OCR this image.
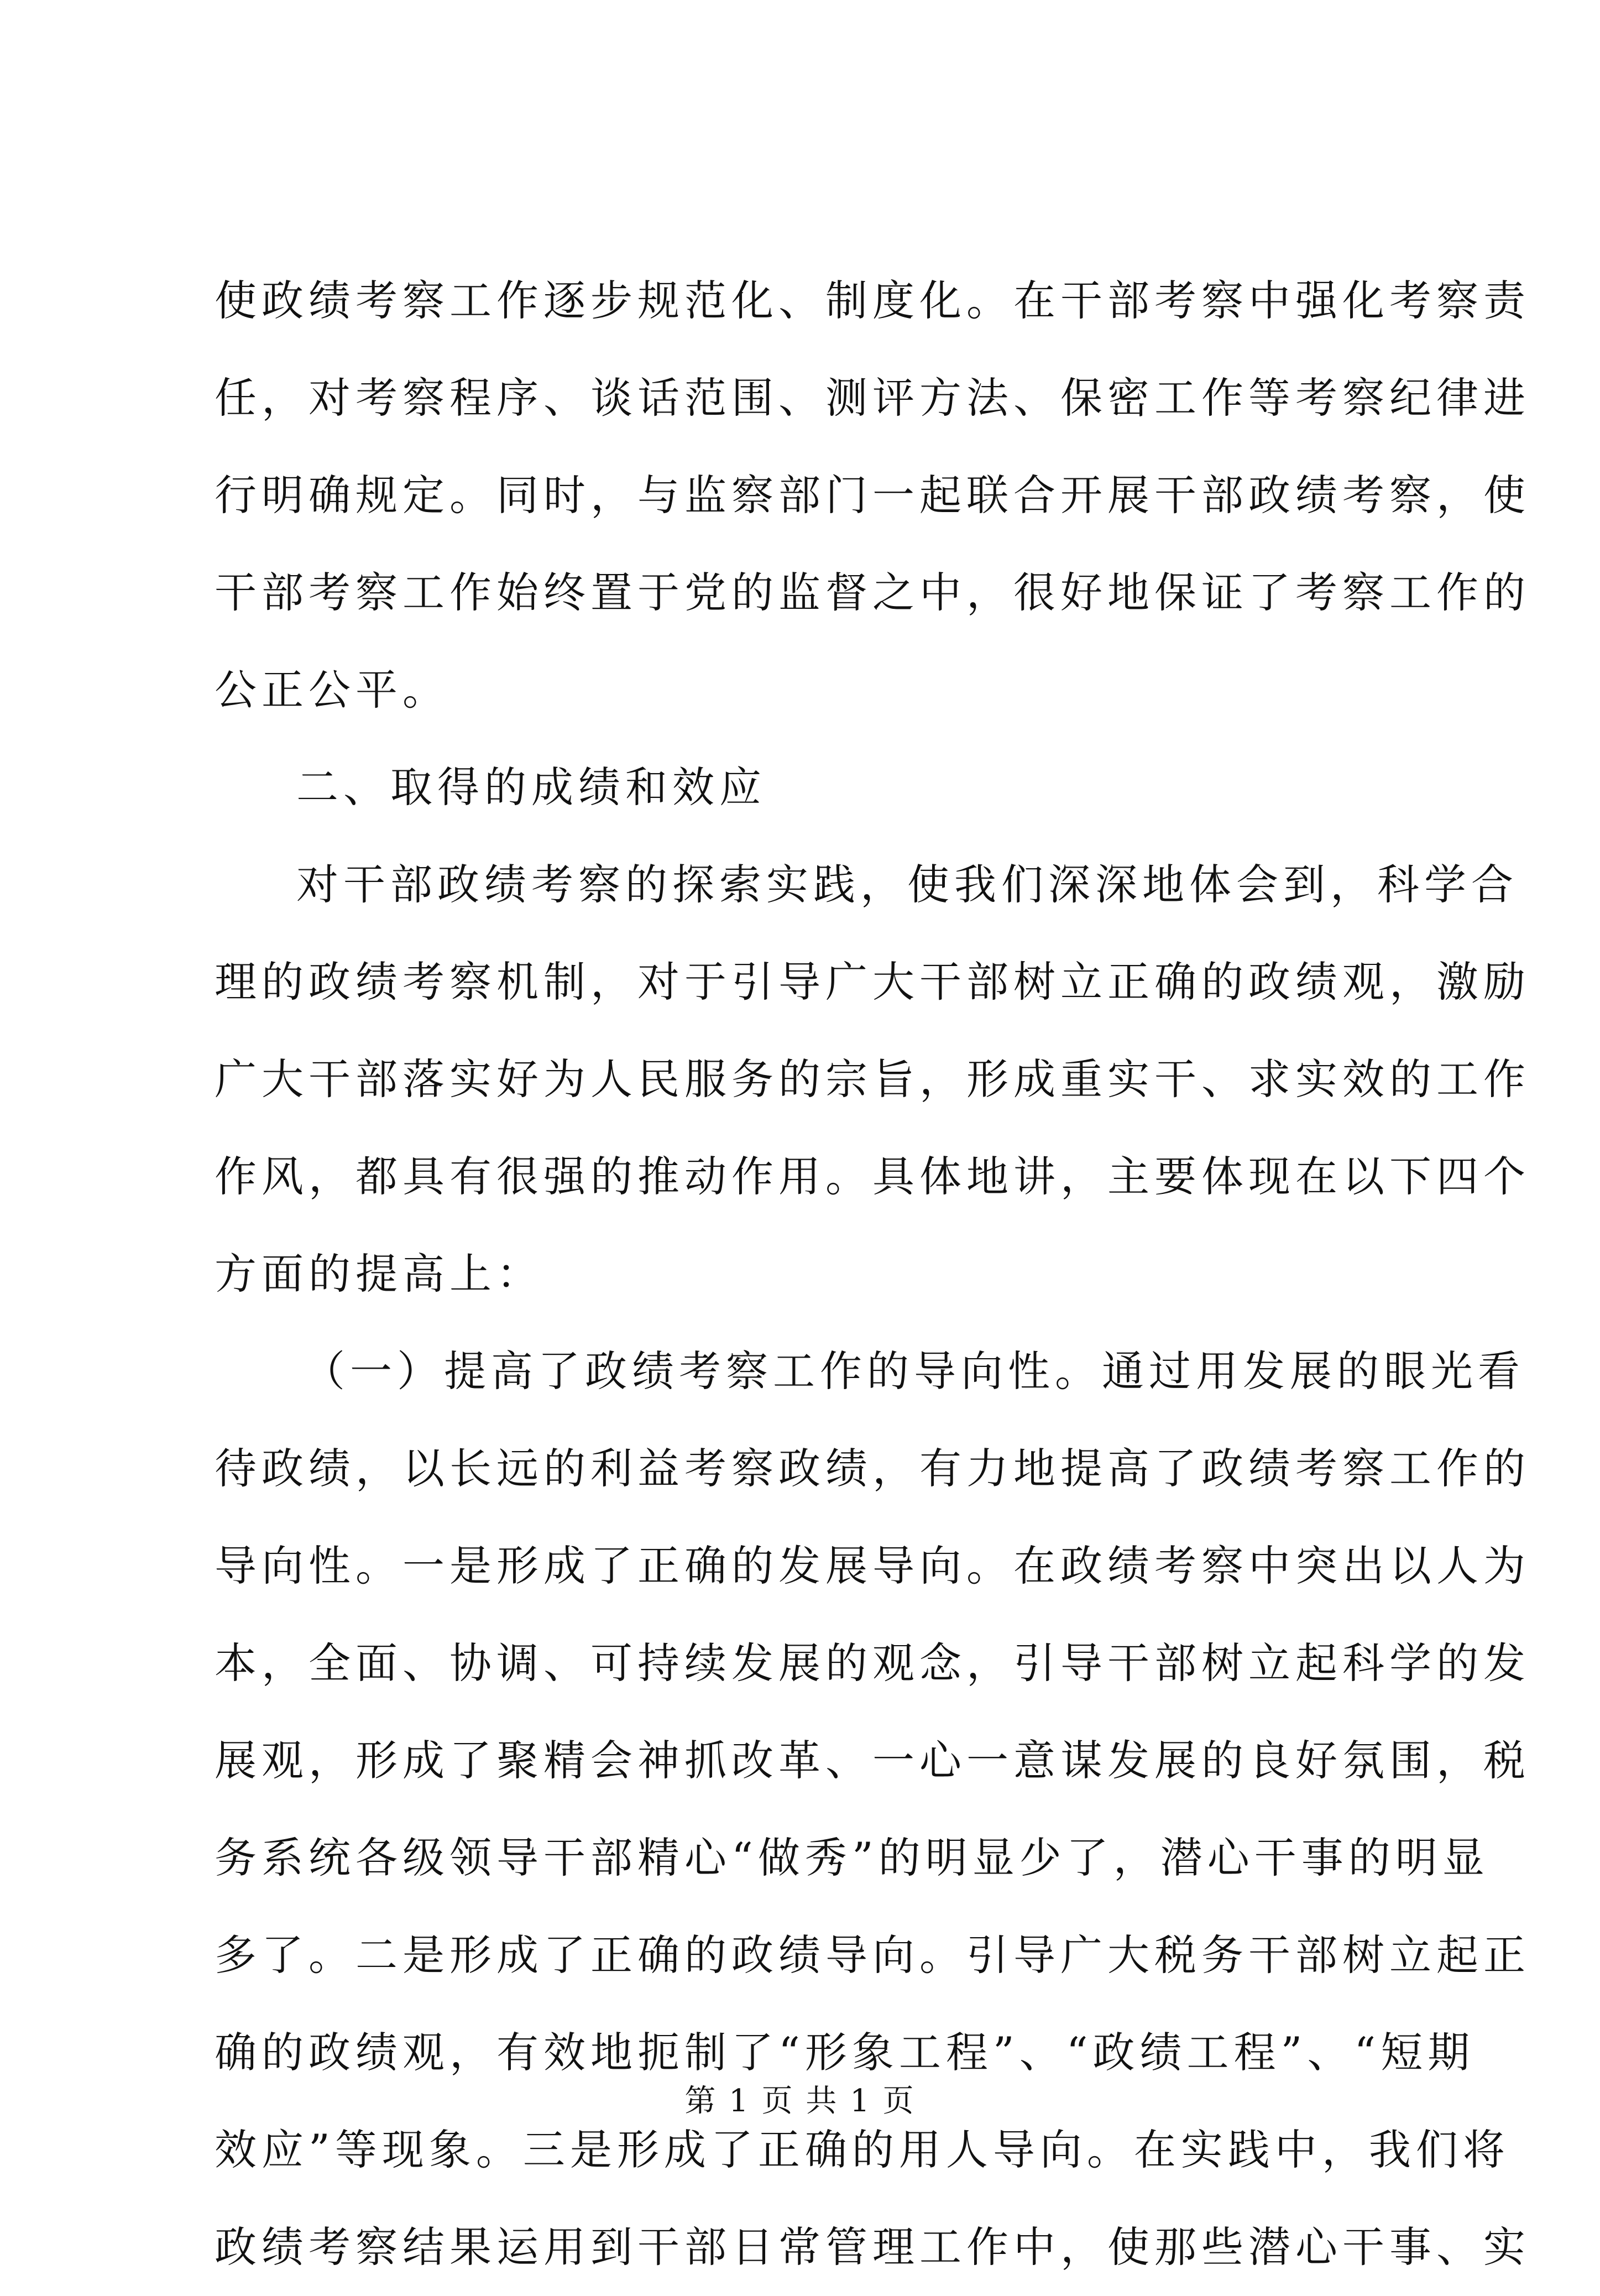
使政绩考察工作逐步规范化、制度化。在干部考察中强化考察责
任，对考察程序、谈话范围、测评方法、保密工作等考察纪律进
行明确规定。同时，与监察部门一起联合开展干部政绩考察，使
干部考察工作始终置于党的监督之中，很好地保证了考察工作的
公正公平。
二、取得的成绩和效应
对干部政绩考察的探索实践，使我们深深地体会到，科学合
理的政绩考察机制，对于引导广大干部树立正确的政绩观，激励
广大干部落实好为人民服务的宗旨，形成重实干、求实效的工作
作风，都具有很强的推动作用。具体地讲，主要体现在以下四个
方面的提高上：
（一）提高了政绩考察工作的导向性。通过用发展的眼光看
待政绩，以长远的利益考察政绩，有力地提高了政绩考察工作的
导向性。一是形成了正确的发展导向。在政绩考察中突出以人为
本，全面、协调、可持续发展的观念，引导干部树立起科学的发
展观，形成了聚精会神抓改革、一心一意谋发展的良好氛围，税
务系统各级领导干部精心“做秀”的明显少了，潜心干事的明显
多了。二是形成了正确的政绩导向。引导广大税务干部树立起正
确的政绩观，有效地扼制了“形象工程”、“政绩工程”、“短期
效应”等现象。三是形成了正确的用人导向。在实践中，我们将
政绩考察结果运用到干部日常管理工作中，使那些潜心干事、实
第 1 页 共 1 页
